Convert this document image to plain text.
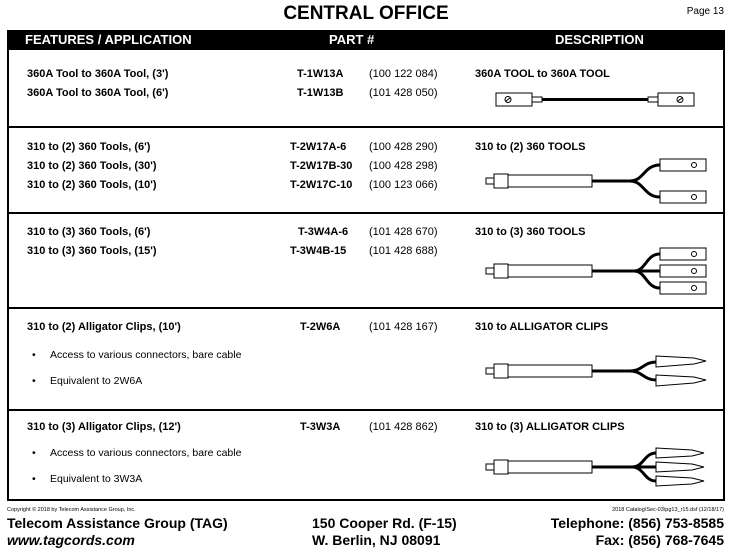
CENTRAL OFFICE	Page 13
FEATURES / APPLICATION	PART #	DESCRIPTION
360A Tool to 360A Tool, (3')	T-1W13A (100 122 084)
360A Tool to 360A Tool, (6')	T-1W13B (101 428 050)
360A TOOL to 360A TOOL
310 to (2) 360 Tools, (6')	T-2W17A-6 (100 428 290)
310 to (2) 360 Tools, (30')	T-2W17B-30 (100 428 298)
310 to (2) 360 Tools, (10')	T-2W17C-10 (100 123 066)
310 to (2) 360 TOOLS
310 to (3) 360 Tools, (6')	T-3W4A-6 (101 428 670)
310 to (3) 360 Tools, (15')	T-3W4B-15 (101 428 688)
310 to (3) 360 TOOLS
310 to (2) Alligator Clips, (10')	T-2W6A	(101 428 167)
• Access to various connectors, bare cable
• Equivalent to 2W6A
310 to ALLIGATOR CLIPS
310 to (3) Alligator Clips, (12')	T-3W3A	(101 428 862)
• Access to various connectors, bare cable
• Equivalent to 3W3A
310 to (3) ALLIGATOR CLIPS
Copyright © 2018 by Telecom Assistance Group, Inc.	2018 Catalog\Sec-03\pg13_r15.dsf (12/18/17)
Telecom Assistance Group (TAG)
www.tagcords.com
150 Cooper Rd. (F-15)
W. Berlin, NJ 08091
Telephone: (856) 753-8585
Fax: (856) 768-7645
